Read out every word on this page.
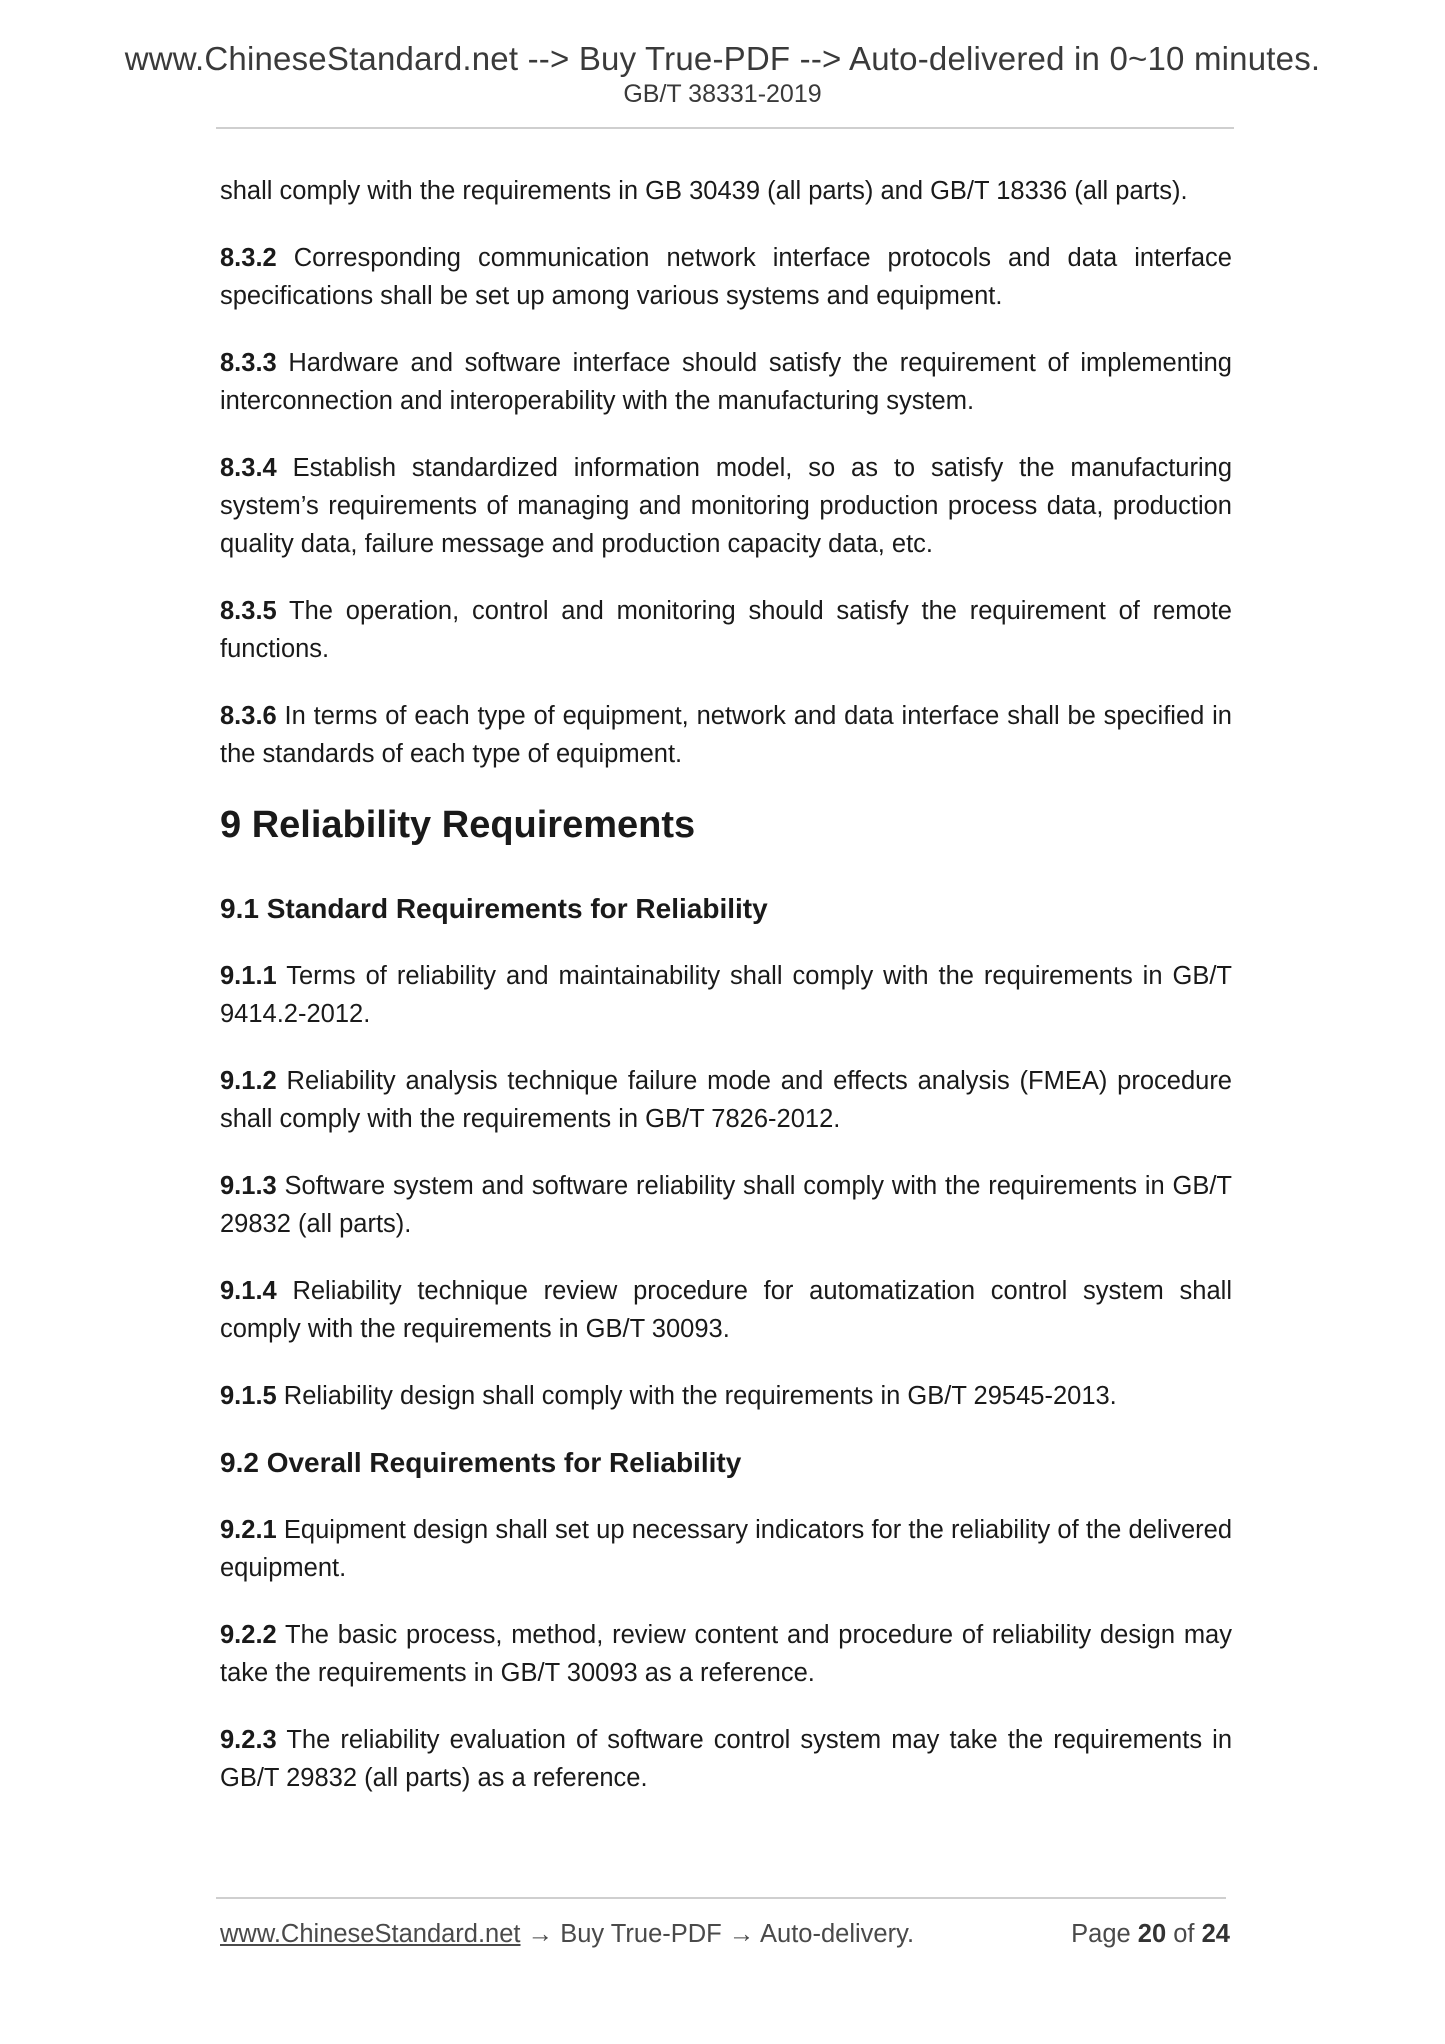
www.ChineseStandard.net --> Buy True-PDF --> Auto-delivered in 0~10 minutes.
GB/T 38331-2019

shall comply with the requirements in GB 30439 (all parts) and GB/T 18336 (all parts).

8.3.2 Corresponding communication network interface protocols and data interface specifications shall be set up among various systems and equipment.

8.3.3 Hardware and software interface should satisfy the requirement of implementing interconnection and interoperability with the manufacturing system.

8.3.4 Establish standardized information model, so as to satisfy the manufacturing system’s requirements of managing and monitoring production process data, production quality data, failure message and production capacity data, etc.

8.3.5 The operation, control and monitoring should satisfy the requirement of remote functions.

8.3.6 In terms of each type of equipment, network and data interface shall be specified in the standards of each type of equipment.

9 Reliability Requirements
9.1 Standard Requirements for Reliability

9.1.1 Terms of reliability and maintainability shall comply with the requirements in GB/T 9414.2-2012.

9.1.2 Reliability analysis technique failure mode and effects analysis (FMEA) procedure shall comply with the requirements in GB/T 7826-2012.

9.1.3 Software system and software reliability shall comply with the requirements in GB/T 29832 (all parts).

9.1.4 Reliability technique review procedure for automatization control system shall comply with the requirements in GB/T 30093.

9.1.5 Reliability design shall comply with the requirements in GB/T 29545-2013.

9.2 Overall Requirements for Reliability

9.2.1 Equipment design shall set up necessary indicators for the reliability of the delivered equipment.

9.2.2 The basic process, method, review content and procedure of reliability design may take the requirements in GB/T 30093 as a reference.

9.2.3 The reliability evaluation of software control system may take the requirements in GB/T 29832 (all parts) as a reference.

www.ChineseStandard.net → Buy True-PDF → Auto-delivery.	Page 20 of 24
